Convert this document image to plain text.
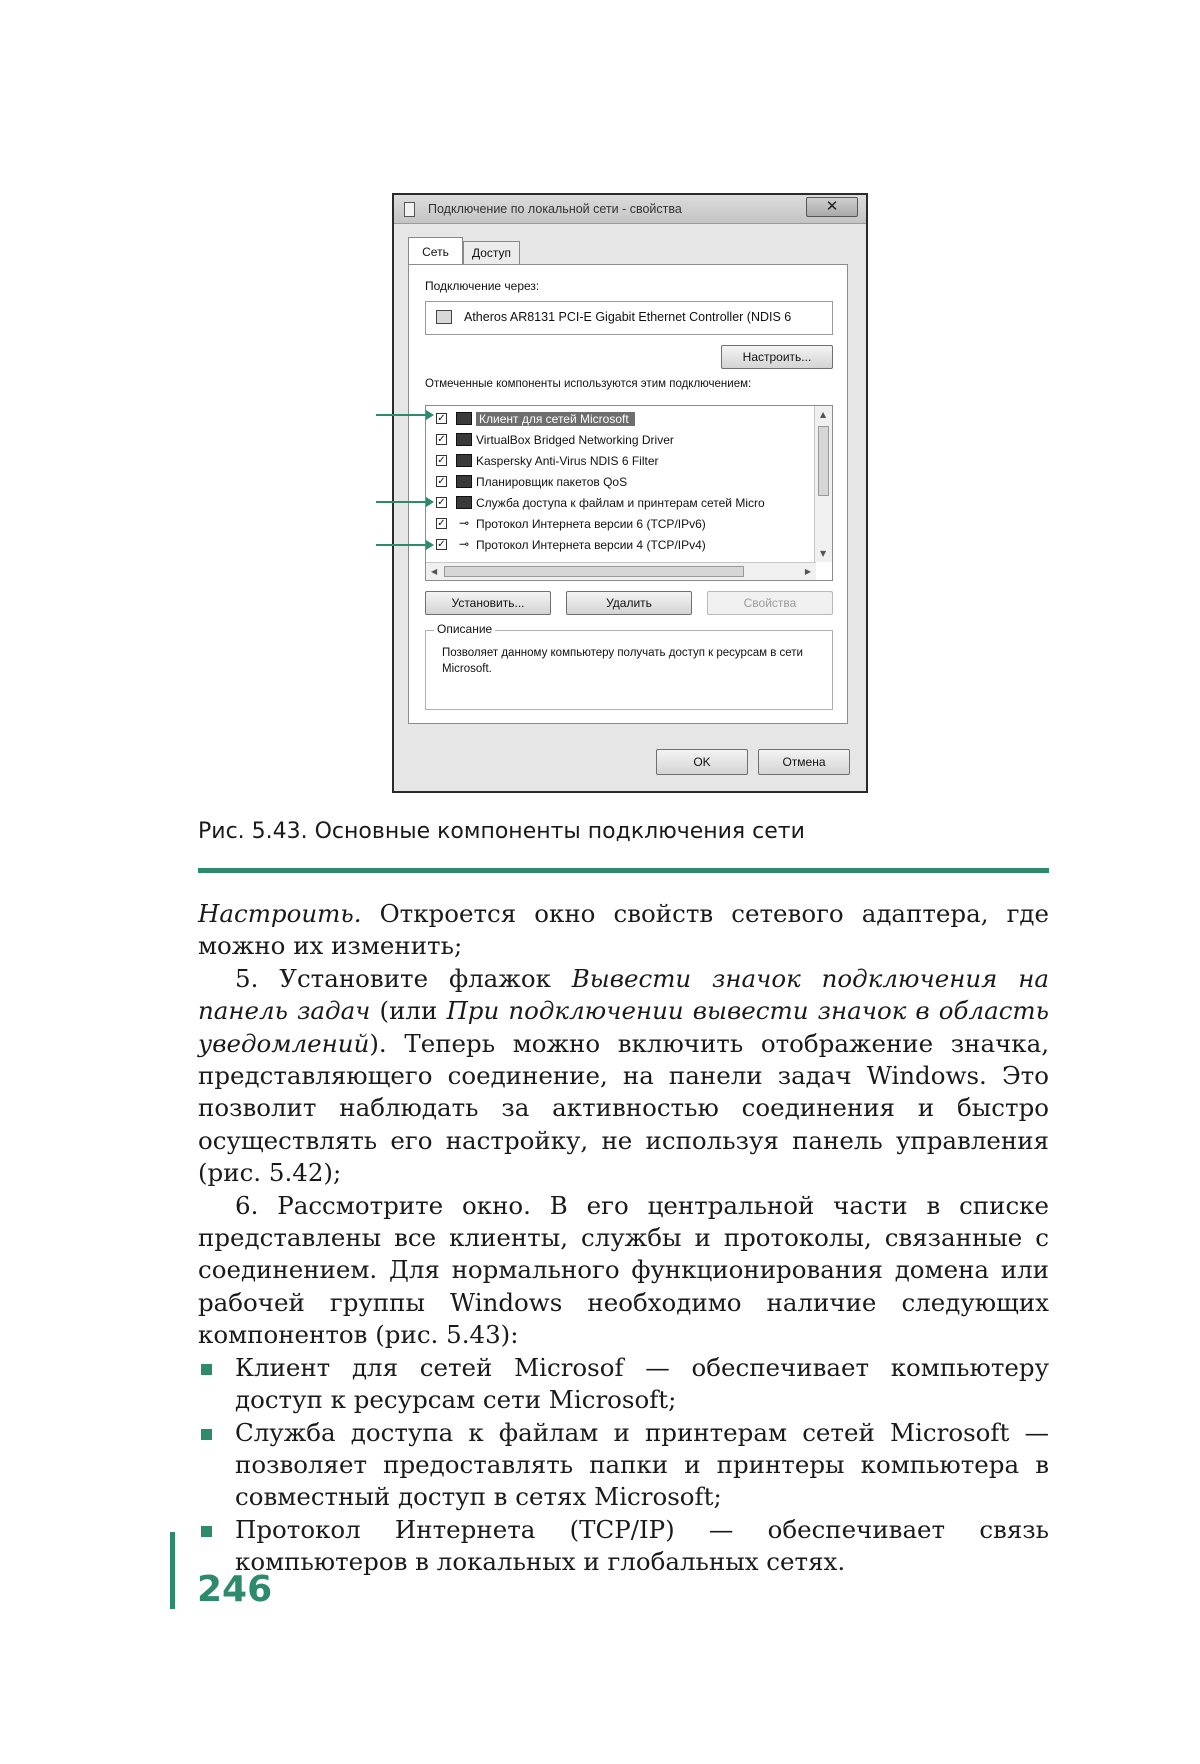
Подключение по локальной сети - свойства	✕
Сеть	Доступ
Подключение через:
Atheros AR8131 PCI-E Gigabit Ethernet Controller (NDIS 6
Настроить...
Отмеченные компоненты используются этим подключением:
✓	Клиент для сетей Microsoft
✓	VirtualBox Bridged Networking Driver
✓	Kaspersky Anti-Virus NDIS 6 Filter
✓	Планировщик пакетов QoS
✓	Служба доступа к файлам и принтерам сетей Micro
✓ ⊸ Протокол Интернета версии 6 (TCP/IPv6)
✓ ⊸ Протокол Интернета версии 4 (TCP/IPv4)
▲
▼
◀	▶
Установить...	Удалить	Свойства
Описание
Позволяет данному компьютеру получать доступ к ресурсам в сети Microsoft.
OK	Отмена
Рис. 5.43. Основные компоненты подключения сети

Настроить. Откроется окно свойств сетевого адаптера, где можно их изменить;

5. Установите флажок Вывести значок подключения на панель задач (или При подключении вывести значок в область уведомлений). Теперь можно включить отображение значка, представляющего соединение, на панели задач Windows. Это позволит наблюдать за активностью соединения и быстро осуществлять его настройку, не используя панель управления (рис. 5.42);

6. Рассмотрите окно. В его центральной части в списке представлены все клиенты, службы и протоколы, связанные с соединением. Для нормального функционирования домена или рабочей группы Windows необходимо наличие следующих компонентов (рис. 5.43):

Клиент для сетей Microsof — обеспечивает компьютеру доступ к ресурсам сети Microsoft;
Служба доступа к файлам и принтерам сетей Microsoft — позволяет предоставлять папки и принтеры компьютера в совместный доступ в сетях Microsoft;
Протокол Интернета (TCP/IP) — обеспечивает связь компьютеров в локальных и глобальных сетях.
246
